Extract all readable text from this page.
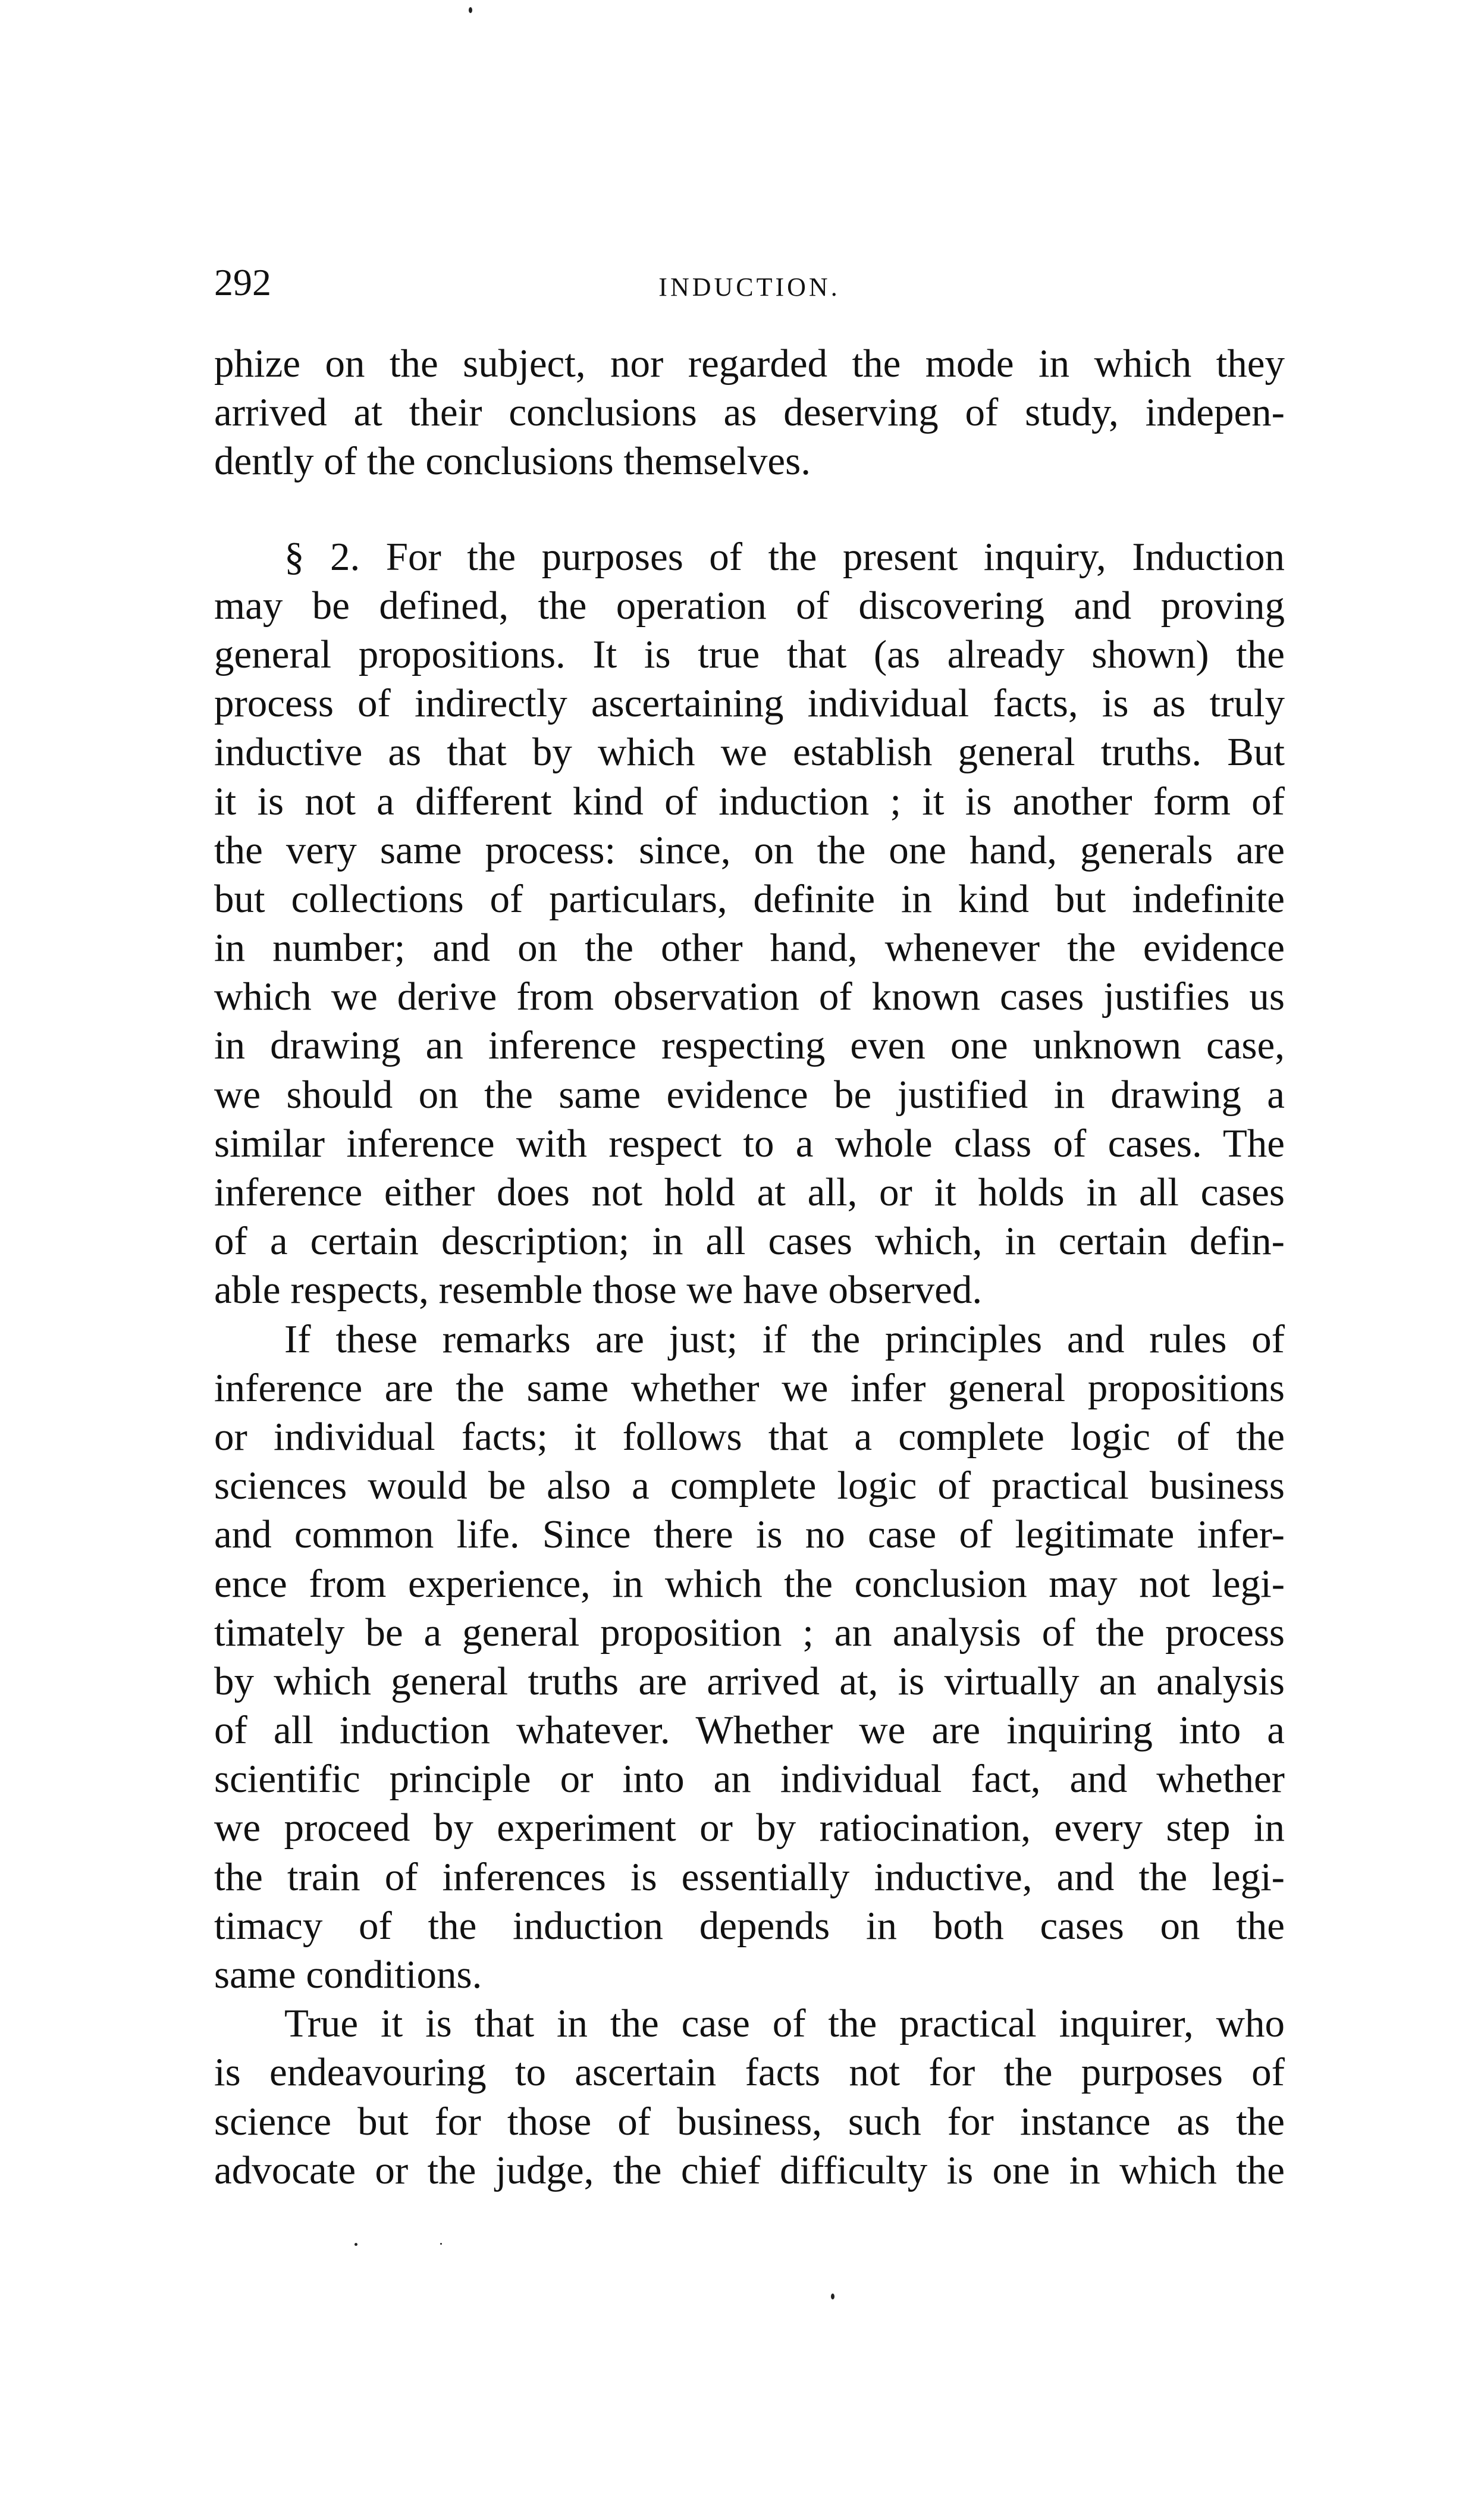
292	INDUCTION.
phize on the subject, nor regarded the mode in which they
arrived at their conclusions as deserving of study, indepen-
dently of the conclusions themselves.
§ 2. For the purposes of the present inquiry, Induction
may be defined, the operation of discovering and proving
general propositions. It is true that (as already shown) the
process of indirectly ascertaining individual facts, is as truly
inductive as that by which we establish general truths. But
it is not a different kind of induction ; it is another form of
the very same process: since, on the one hand, generals are
but collections of particulars, definite in kind but indefinite
in number; and on the other hand, whenever the evidence
which we derive from observation of known cases justifies us
in drawing an inference respecting even one unknown case,
we should on the same evidence be justified in drawing a
similar inference with respect to a whole class of cases. The
inference either does not hold at all, or it holds in all cases
of a certain description; in all cases which, in certain defin-
able respects, resemble those we have observed.
If these remarks are just; if the principles and rules of
inference are the same whether we infer general propositions
or individual facts; it follows that a complete logic of the
sciences would be also a complete logic of practical business
and common life. Since there is no case of legitimate infer-
ence from experience, in which the conclusion may not legi-
timately be a general proposition ; an analysis of the process
by which general truths are arrived at, is virtually an analysis
of all induction whatever. Whether we are inquiring into a
scientific principle or into an individual fact, and whether
we proceed by experiment or by ratiocination, every step in
the train of inferences is essentially inductive, and the legi-
timacy of the induction depends in both cases on the
same conditions.
True it is that in the case of the practical inquirer, who
is endeavouring to ascertain facts not for the purposes of
science but for those of business, such for instance as the
advocate or the judge, the chief difficulty is one in which the
